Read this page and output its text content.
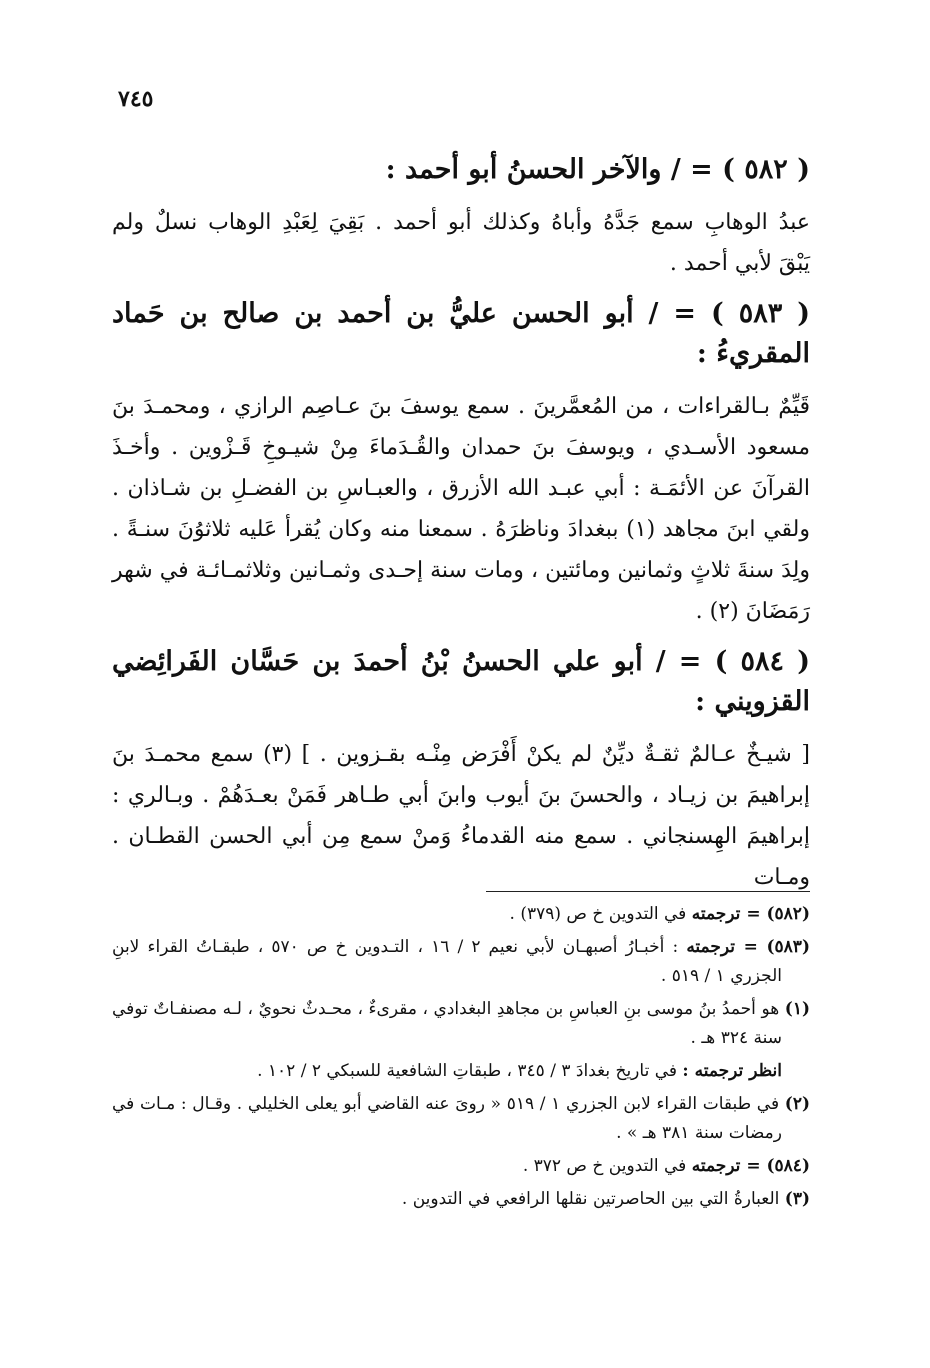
٧٤٥
( ٥٨٢ ) = / والآخر الحسنُ أبو أحمد :
عبدُ الوهابِ سمع جَدَّهُ وأباهُ وكذلك أبو أحمد . بَقِيَ لِعَبْدِ الوهاب نسلٌ ولم
يَبْقَ لأبي أحمد .
( ٥٨٣ ) = / أبو الحسن عليُّ بن أحمد بن صالح بن حَماد المقريءُ :
قَيِّمٌ بـالقراءات ، من المُعمَّرينَ . سمع يوسفَ بنَ عـاصِم الرازي ، ومحمـدَ بنَ
مسعود الأسـدي ، ويوسفَ بنَ حمدان والقُـدَماءَ مِنْ شيـوخِ قَـزْوين . وأخـذَ
القرآنَ عن الأئمَـة : أبي عبـد الله الأزرق ، والعبـاسِ بن الفضـلِ بن شـاذان .
ولقي ابنَ مجاهد (١) ببغدادَ وناظرَهُ . سمعنا منه وكان يُقرأ عَليه ثلاثوُنَ سنـةً .
ولِدَ سنةَ ثلاثٍ وثمانين ومائتين ، ومات سنة إحـدى وثمـانين وثلاثمـائـة في شهر
رَمَضَانَ (٢) .
( ٥٨٤ ) = / أبو علي الحسنُ بْنُ أحمدَ بن حَسَّان الفَرائِضي القزويني :
[ شيـخٌ عـالمٌ ثقـةٌ ديِّنٌ لم يكنْ أَفْرَض مِنْـه بقـزوين . ] (٣) سمع محمـدَ بنَ
إبراهيمَ بن زيـاد ، والحسنَ بنَ أيوب وابنَ أبي طـاهر فَمَنْ بعـدَهُمْ . وبـالري :
إبراهيمَ الهِسنجاني . سمع منه القدماءُ وَمنْ سمع مِن أبي الحسن القطـان . ومـات
(٥٨٢) = ترجمته في التدوين خ ص (٣٧٩) .
(٥٨٣) = ترجمته : أخبـارُ أصبهـان لأبي نعيم ٢ / ١٦ ، التـدوين خ ص ٥٧٠ ، طبقـاتُ القراء لابنِ
الجزري ١ / ٥١٩ .
(١) هو أحمدُ بنُ موسى بنِ العباسِ بن مجاهدِ البغدادي ، مقرىءٌ ، محـدثٌ نحويٌ ، لـه مصنفـاتٌ توفي
سنة ٣٢٤ هـ .
انظر ترجمته : في تاريخ بغدادَ ٣ / ٣٤٥ ، طبقاتِ الشافعية للسبكي ٢ / ١٠٢ .
(٢) في طبقات القراء لابن الجزري ١ / ٥١٩ « روىَ عنه القاضي أبو يعلى الخليلي . وقـال : مـات في
رمضات سنة ٣٨١ هـ » .
(٥٨٤) = ترجمته في التدوين خ ص ٣٧٢ .
(٣) العبارةُ التي بين الحاصرتين نقلها الرافعي في التدوين .
